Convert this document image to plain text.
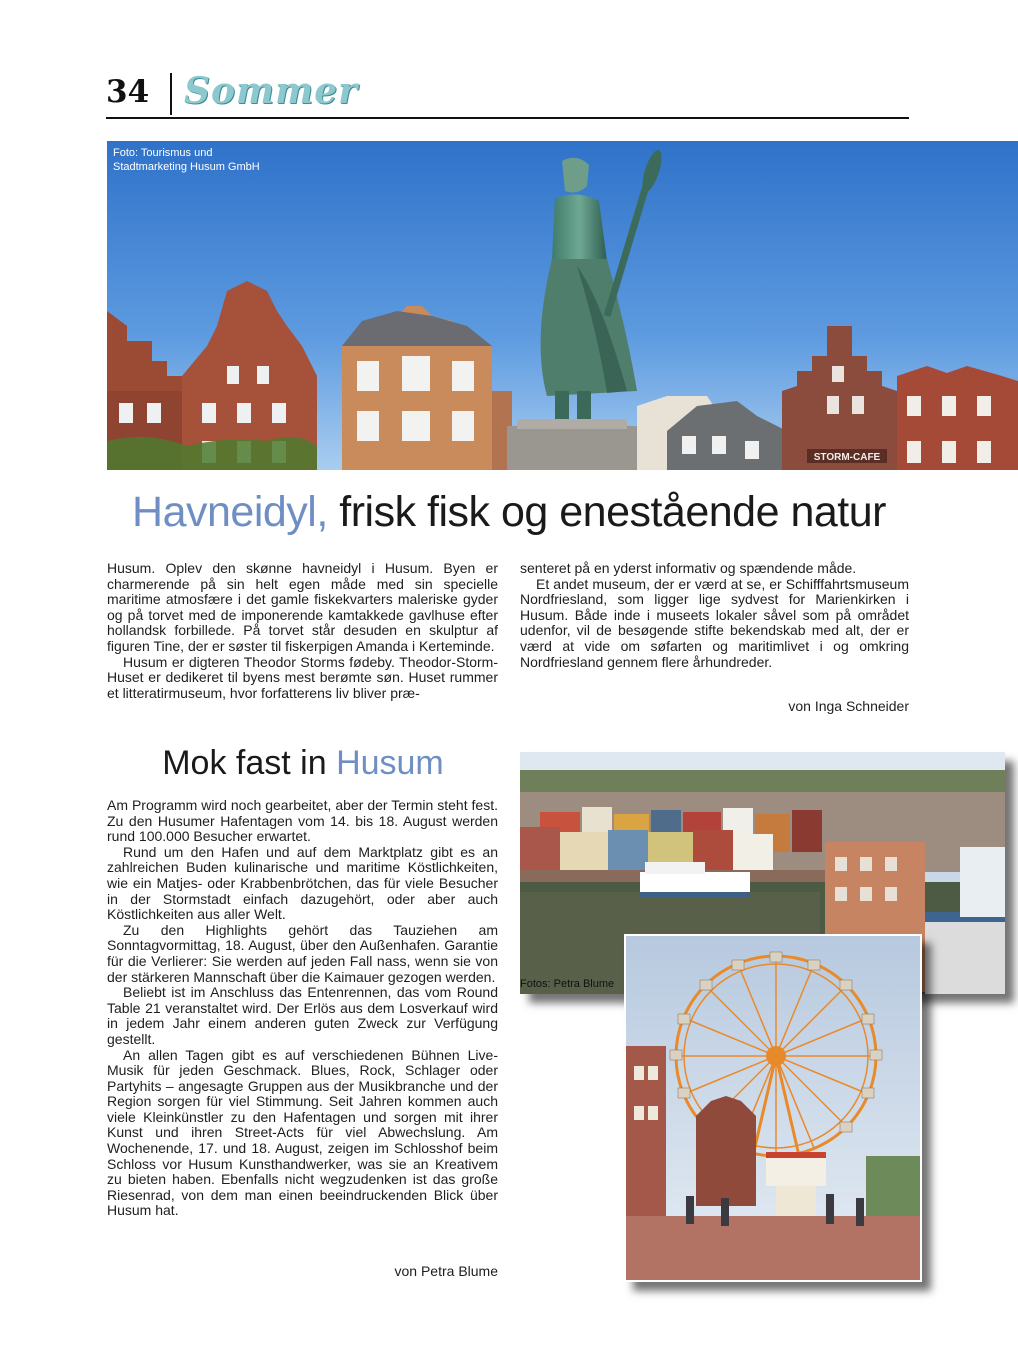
34 Sommer
STORM-CAFE
Foto: Tourismus und
Stadtmarketing Husum GmbH
Havneidyl, frisk fisk og enestående natur

Husum. Oplev den skønne havneidyl i Husum. Byen er charmerende på sin helt egen måde med sin specielle maritime atmosfære i det gamle fiskekvarters maleriske gyder og på torvet med de imponerende kamtakkede gavlhuse efter hollandsk forbillede. På torvet står desuden en skulptur af figuren Tine, der er søster til fiskerpigen Amanda i Kerteminde.

Husum er digteren Theodor Storms fødeby. Theodor-Storm-Huset er dedikeret til byens mest berømte søn. Huset rummer et litteratirmuseum, hvor forfatterens liv bliver præ-

senteret på en yderst informativ og spændende måde.

Et andet museum, der er værd at se, er Schifffahrtsmuseum Nordfriesland, som ligger lige sydvest for Marienkirken i Husum. Både inde i museets lokaler såvel som på området udenfor, vil de besøgende stifte bekendskab med alt, der er værd at vide om søfarten og maritimlivet i og omkring Nordfriesland gennem flere århundreder.

von Inga Schneider
Mok fast in Husum

Am Programm wird noch gearbeitet, aber der Termin steht fest. Zu den Husumer Hafentagen vom 14. bis 18. August werden rund 100.000 Besucher erwartet.

Rund um den Hafen und auf dem Marktplatz gibt es an zahlreichen Buden kulinarische und maritime Köstlichkeiten, wie ein Matjes- oder Krabbenbrötchen, das für viele Besucher in der Stormstadt einfach dazugehört, oder aber auch Köstlichkeiten aus aller Welt.

Zu den Highlights gehört das Tauziehen am Sonntagvormittag, 18. August, über den Außenhafen. Garantie für die Verlierer: Sie werden auf jeden Fall nass, wenn sie von der stärkeren Mannschaft über die Kaimauer gezogen werden.

Beliebt ist im Anschluss das Entenrennen, das vom Round Table 21 veranstaltet wird. Der Erlös aus dem Losverkauf wird in jedem Jahr einem anderen guten Zweck zur Verfügung gestellt.

An allen Tagen gibt es auf verschiedenen Bühnen Live-Musik für jeden Geschmack. Blues, Rock, Schlager oder Partyhits – angesagte Gruppen aus der Musikbranche und der Region sorgen für viel Stimmung. Seit Jahren kommen auch viele Kleinkünstler zu den Hafentagen und sorgen mit ihrer Kunst und ihren Street-Acts für viel Abwechslung. Am Wochenende, 17. und 18. August, zeigen im Schlosshof beim Schloss vor Husum Kunsthandwerker, was sie an Kreativem zu bieten haben. Ebenfalls nicht wegzudenken ist das große Riesenrad, von dem man einen beeindruckenden Blick über Husum hat.

von Petra Blume
Fotos: Petra Blume
